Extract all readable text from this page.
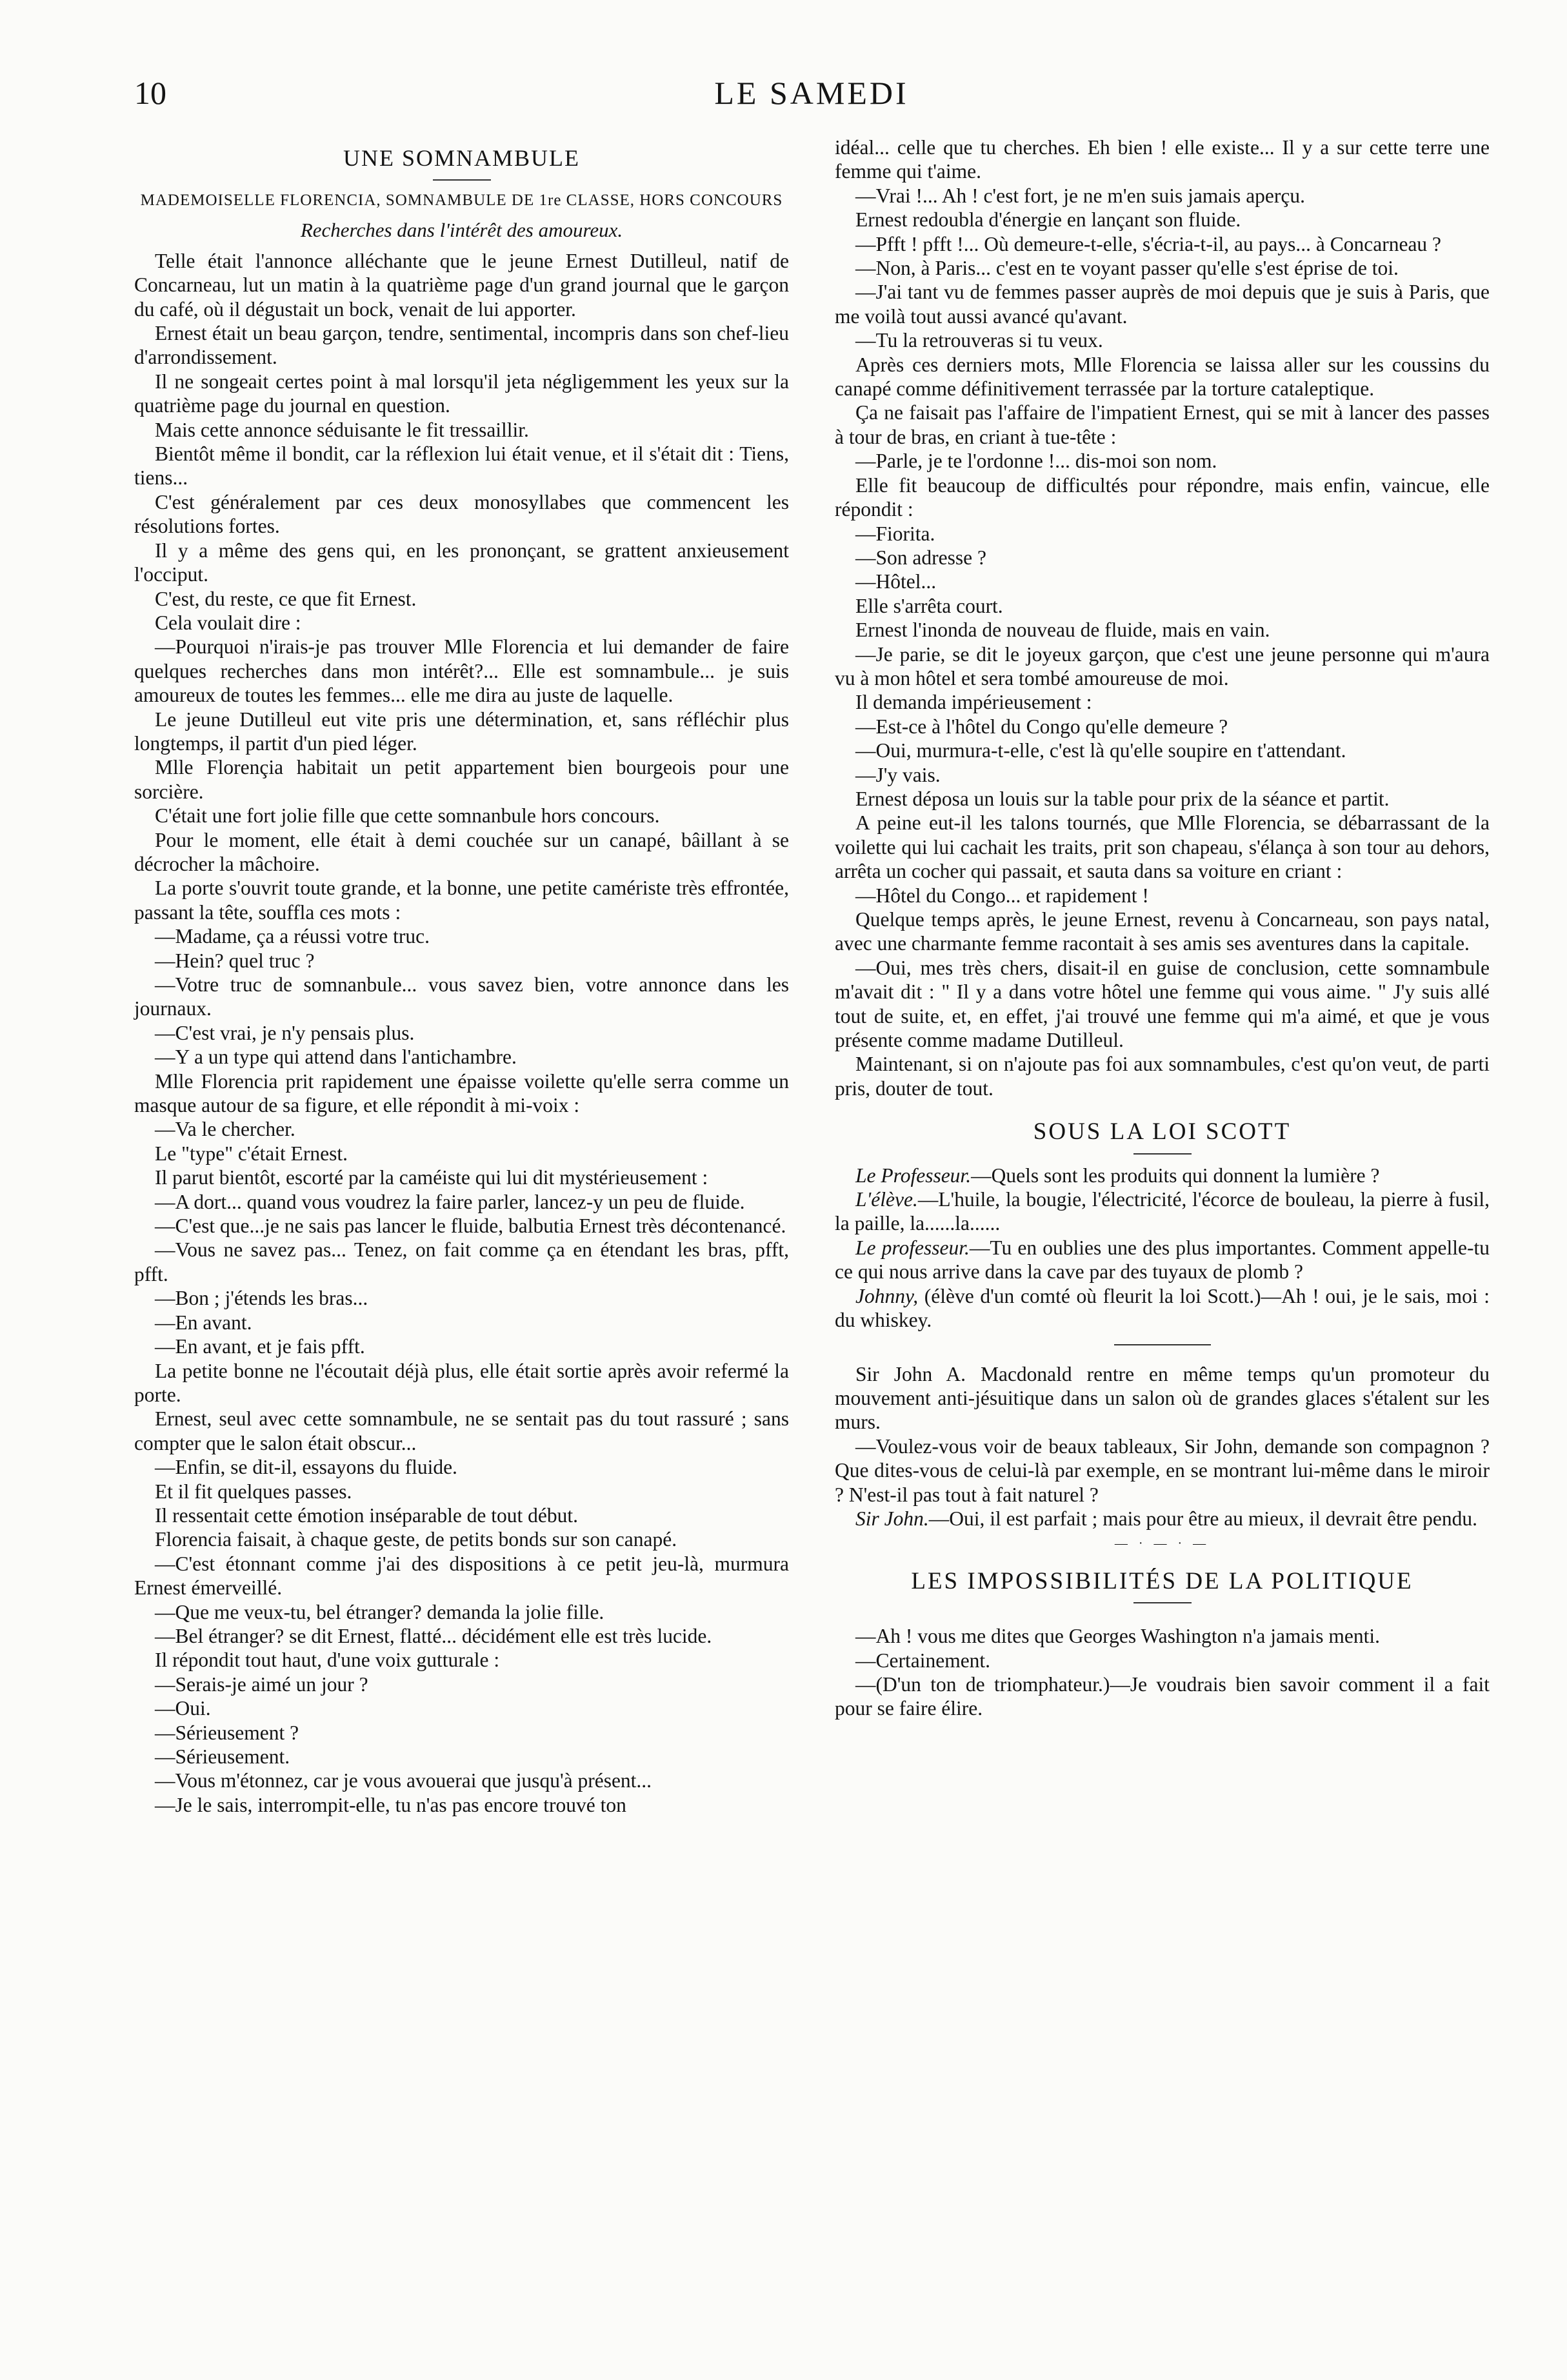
10	LE SAMEDI
UNE SOMNAMBULE
MADEMOISELLE FLORENCIA, SOMNAMBULE DE 1re CLASSE, HORS CONCOURS
Recherches dans l'intérêt des amoureux.

Telle était l'annonce alléchante que le jeune Ernest Dutilleul, natif de Concarneau, lut un matin à la quatrième page d'un grand journal que le garçon du café, où il dégustait un bock, venait de lui apporter.

Ernest était un beau garçon, tendre, sentimental, incompris dans son chef-lieu d'arrondissement.

Il ne songeait certes point à mal lorsqu'il jeta négligemment les yeux sur la quatrième page du journal en question.

Mais cette annonce séduisante le fit tressaillir.

Bientôt même il bondit, car la réflexion lui était venue, et il s'était dit : Tiens, tiens...

C'est généralement par ces deux monosyllabes que commencent les résolutions fortes.

Il y a même des gens qui, en les prononçant, se grattent anxieusement l'occiput.

C'est, du reste, ce que fit Ernest.

Cela voulait dire :

—Pourquoi n'irais-je pas trouver Mlle Florencia et lui demander de faire quelques recherches dans mon intérêt?... Elle est somnambule... je suis amoureux de toutes les femmes... elle me dira au juste de laquelle.

Le jeune Dutilleul eut vite pris une détermination, et, sans réfléchir plus longtemps, il partit d'un pied léger.

Mlle Florençia habitait un petit appartement bien bourgeois pour une sorcière.

C'était une fort jolie fille que cette somnanbule hors concours.

Pour le moment, elle était à demi couchée sur un canapé, bâillant à se décrocher la mâchoire.

La porte s'ouvrit toute grande, et la bonne, une petite camériste très effrontée, passant la tête, souffla ces mots :

—Madame, ça a réussi votre truc.

—Hein? quel truc ?

—Votre truc de somnanbule... vous savez bien, votre annonce dans les journaux.

—C'est vrai, je n'y pensais plus.

—Y a un type qui attend dans l'antichambre.

Mlle Florencia prit rapidement une épaisse voilette qu'elle serra comme un masque autour de sa figure, et elle répondit à mi-voix :

—Va le chercher.

Le "type" c'était Ernest.

Il parut bientôt, escorté par la caméiste qui lui dit mystérieusement :

—A dort... quand vous voudrez la faire parler, lancez-y un peu de fluide.

—C'est que...je ne sais pas lancer le fluide, balbutia Ernest très décontenancé.

—Vous ne savez pas... Tenez, on fait comme ça en étendant les bras, pfft, pfft.

—Bon ; j'étends les bras...

—En avant.

—En avant, et je fais pfft.

La petite bonne ne l'écoutait déjà plus, elle était sortie après avoir refermé la porte.

Ernest, seul avec cette somnambule, ne se sentait pas du tout rassuré ; sans compter que le salon était obscur...

—Enfin, se dit-il, essayons du fluide.

Et il fit quelques passes.

Il ressentait cette émotion inséparable de tout début.

Florencia faisait, à chaque geste, de petits bonds sur son canapé.

—C'est étonnant comme j'ai des dispositions à ce petit jeu-là, murmura Ernest émerveillé.

—Que me veux-tu, bel étranger? demanda la jolie fille.

—Bel étranger? se dit Ernest, flatté... décidément elle est très lucide.

Il répondit tout haut, d'une voix gutturale :

—Serais-je aimé un jour ?

—Oui.

—Sérieusement ?

—Sérieusement.

—Vous m'étonnez, car je vous avouerai que jusqu'à présent...

—Je le sais, interrompit-elle, tu n'as pas encore trouvé ton

idéal... celle que tu cherches. Eh bien ! elle existe... Il y a sur cette terre une femme qui t'aime.

—Vrai !... Ah ! c'est fort, je ne m'en suis jamais aperçu.

Ernest redoubla d'énergie en lançant son fluide.

—Pfft ! pfft !... Où demeure-t-elle, s'écria-t-il, au pays... à Concarneau ?

—Non, à Paris... c'est en te voyant passer qu'elle s'est éprise de toi.

—J'ai tant vu de femmes passer auprès de moi depuis que je suis à Paris, que me voilà tout aussi avancé qu'avant.

—Tu la retrouveras si tu veux.

Après ces derniers mots, Mlle Florencia se laissa aller sur les coussins du canapé comme définitivement terrassée par la torture cataleptique.

Ça ne faisait pas l'affaire de l'impatient Ernest, qui se mit à lancer des passes à tour de bras, en criant à tue-tête :

—Parle, je te l'ordonne !... dis-moi son nom.

Elle fit beaucoup de difficultés pour répondre, mais enfin, vaincue, elle répondit :

—Fiorita.

—Son adresse ?

—Hôtel...

Elle s'arrêta court.

Ernest l'inonda de nouveau de fluide, mais en vain.

—Je parie, se dit le joyeux garçon, que c'est une jeune personne qui m'aura vu à mon hôtel et sera tombé amoureuse de moi.

Il demanda impérieusement :

—Est-ce à l'hôtel du Congo qu'elle demeure ?

—Oui, murmura-t-elle, c'est là qu'elle soupire en t'attendant.

—J'y vais.

Ernest déposa un louis sur la table pour prix de la séance et partit.

A peine eut-il les talons tournés, que Mlle Florencia, se débarrassant de la voilette qui lui cachait les traits, prit son chapeau, s'élança à son tour au dehors, arrêta un cocher qui passait, et sauta dans sa voiture en criant :

—Hôtel du Congo... et rapidement !

Quelque temps après, le jeune Ernest, revenu à Concarneau, son pays natal, avec une charmante femme racontait à ses amis ses aventures dans la capitale.

—Oui, mes très chers, disait-il en guise de conclusion, cette somnambule m'avait dit : " Il y a dans votre hôtel une femme qui vous aime. " J'y suis allé tout de suite, et, en effet, j'ai trouvé une femme qui m'a aimé, et que je vous présente comme madame Dutilleul.

Maintenant, si on n'ajoute pas foi aux somnambules, c'est qu'on veut, de parti pris, douter de tout.

SOUS LA LOI SCOTT

Le Professeur.—Quels sont les produits qui donnent la lumière ?

L'élève.—L'huile, la bougie, l'électricité, l'écorce de bouleau, la pierre à fusil, la paille, la......la......

Le professeur.—Tu en oublies une des plus importantes. Comment appelle-tu ce qui nous arrive dans la cave par des tuyaux de plomb ?

Johnny, (élève d'un comté où fleurit la loi Scott.)—Ah ! oui, je le sais, moi : du whiskey.

Sir John A. Macdonald rentre en même temps qu'un promoteur du mouvement anti-jésuitique dans un salon où de grandes glaces s'étalent sur les murs.

—Voulez-vous voir de beaux tableaux, Sir John, demande son compagnon ? Que dites-vous de celui-là par exemple, en se montrant lui-même dans le miroir ? N'est-il pas tout à fait naturel ?

Sir John.—Oui, il est parfait ; mais pour être au mieux, il devrait être pendu.

— · — · —
LES IMPOSSIBILITÉS DE LA POLITIQUE

—Ah ! vous me dites que Georges Washington n'a jamais menti.

—Certainement.

—(D'un ton de triomphateur.)—Je voudrais bien savoir comment il a fait pour se faire élire.
